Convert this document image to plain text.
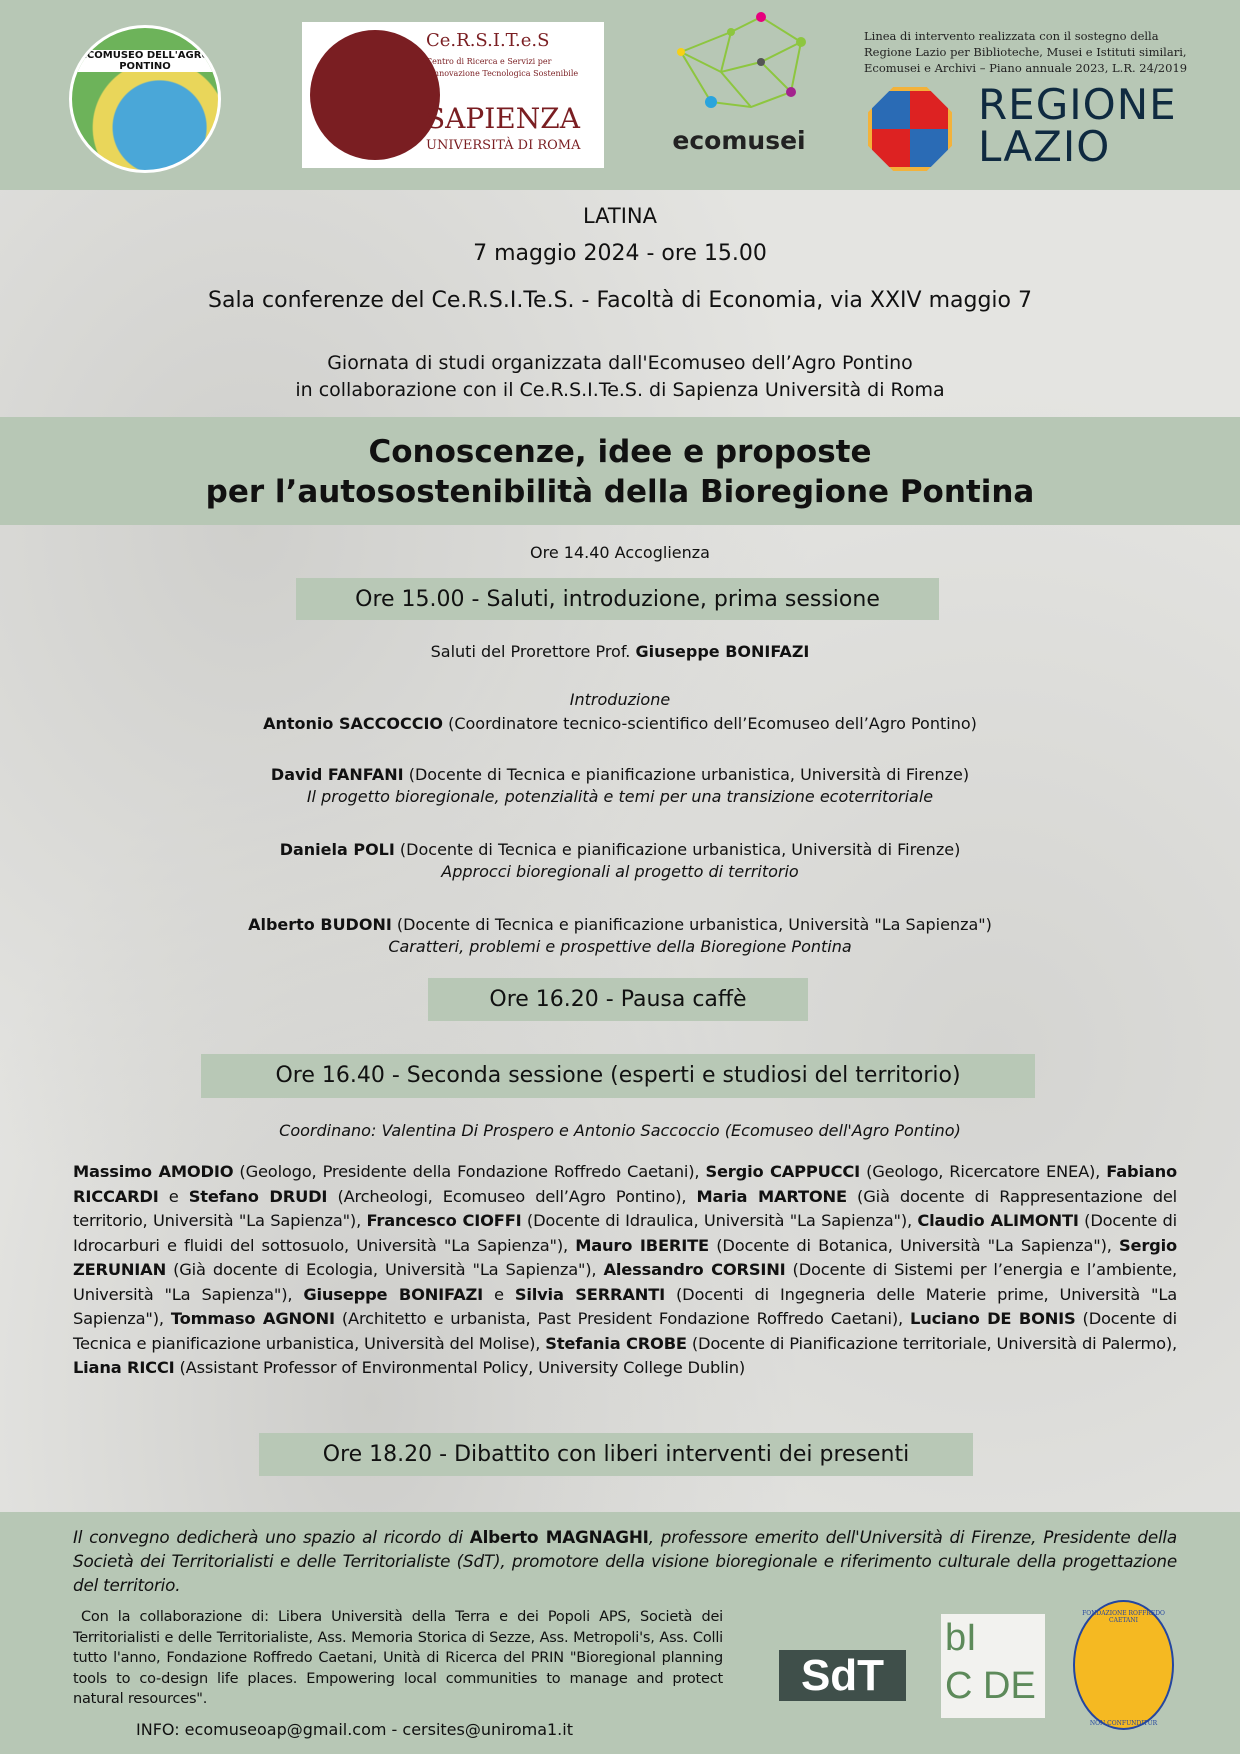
ECOMUSEO DELL'AGRO PONTINO
Ce.R.S.I.T.e.S
Centro di Ricerca e Servizi per l'Innovazione Tecnologica Sostenibile
SAPIENZA
UNIVERSITÀ DI ROMA	ecomusei
Linea di intervento realizzata con il sostegno della
Regione Lazio per Biblioteche, Musei e Istituti similari,
Ecomusei e Archivi – Piano annuale 2023, L.R. 24/2019
REGIONE
LAZIO
LATINA
7 maggio 2024 - ore 15.00
Sala conferenze del Ce.R.S.I.Te.S. - Facoltà di Economia, via XXIV maggio 7
Giornata di studi organizzata dall'Ecomuseo dell’Agro Pontino
in collaborazione con il Ce.R.S.I.Te.S. di Sapienza Università di Roma
Conoscenze, idee e proposte
per l’autosostenibilità della Bioregione Pontina
Ore 14.40 Accoglienza
Ore 15.00 - Saluti, introduzione, prima sessione
Saluti del Prorettore Prof. Giuseppe BONIFAZI
Introduzione
Antonio SACCOCCIO (Coordinatore tecnico-scientifico dell’Ecomuseo dell’Agro Pontino)
David FANFANI (Docente di Tecnica e pianificazione urbanistica, Università di Firenze)
Il progetto bioregionale, potenzialità e temi per una transizione ecoterritoriale
Daniela POLI (Docente di Tecnica e pianificazione urbanistica, Università di Firenze)
Approcci bioregionali al progetto di territorio
Alberto BUDONI (Docente di Tecnica e pianificazione urbanistica, Università "La Sapienza")
Caratteri, problemi e prospettive della Bioregione Pontina
Ore 16.20 - Pausa caffè
Ore 16.40 - Seconda sessione (esperti e studiosi del territorio)
Coordinano: Valentina Di Prospero e Antonio Saccoccio (Ecomuseo dell'Agro Pontino)
Massimo AMODIO (Geologo, Presidente della Fondazione Roffredo Caetani), Sergio CAPPUCCI (Geologo, Ricercatore ENEA), Fabiano RICCARDI e Stefano DRUDI (Archeologi, Ecomuseo dell’Agro Pontino), Maria MARTONE (Già docente di Rappresentazione del territorio, Università "La Sapienza"), Francesco CIOFFI (Docente di Idraulica, Università "La Sapienza"), Claudio ALIMONTI (Docente di Idrocarburi e fluidi del sottosuolo, Università "La Sapienza"), Mauro IBERITE (Docente di Botanica, Università "La Sapienza"), Sergio ZERUNIAN (Già docente di Ecologia, Università "La Sapienza"), Alessandro CORSINI (Docente di Sistemi per l’energia e l’ambiente, Università "La Sapienza"), Giuseppe BONIFAZI e Silvia SERRANTI (Docenti di Ingegneria delle Materie prime, Università "La Sapienza"), Tommaso AGNONI (Architetto e urbanista, Past President Fondazione Roffredo Caetani), Luciano DE BONIS (Docente di Tecnica e pianificazione urbanistica, Università del Molise), Stefania CROBE (Docente di Pianificazione territoriale, Università di Palermo), Liana RICCI (Assistant Professor of Environmental Policy, University College Dublin)
Ore 18.20 - Dibattito con liberi interventi dei presenti
Il convegno dedicherà uno spazio al ricordo di Alberto MAGNAGHI, professore emerito dell'Università di Firenze, Presidente della Società dei Territorialisti e delle Territorialiste (SdT), promotore della visione bioregionale e riferimento culturale della progettazione del territorio.
Con la collaborazione di: Libera Università della Terra e dei Popoli APS, Società dei Territorialisti e delle Territorialiste, Ass. Memoria Storica di Sezze, Ass. Metropoli's, Ass. Colli tutto l'anno, Fondazione Roffredo Caetani, Unità di Ricerca del PRIN "Bioregional planning tools to co-design life places. Empowering local communities to manage and protect natural resources".
INFO: ecomuseoap@gmail.com - cersites@uniroma1.it
SdT
bI
C DE
FONDAZIONE ROFFREDO CAETANI
NON CONFUNDITUR
